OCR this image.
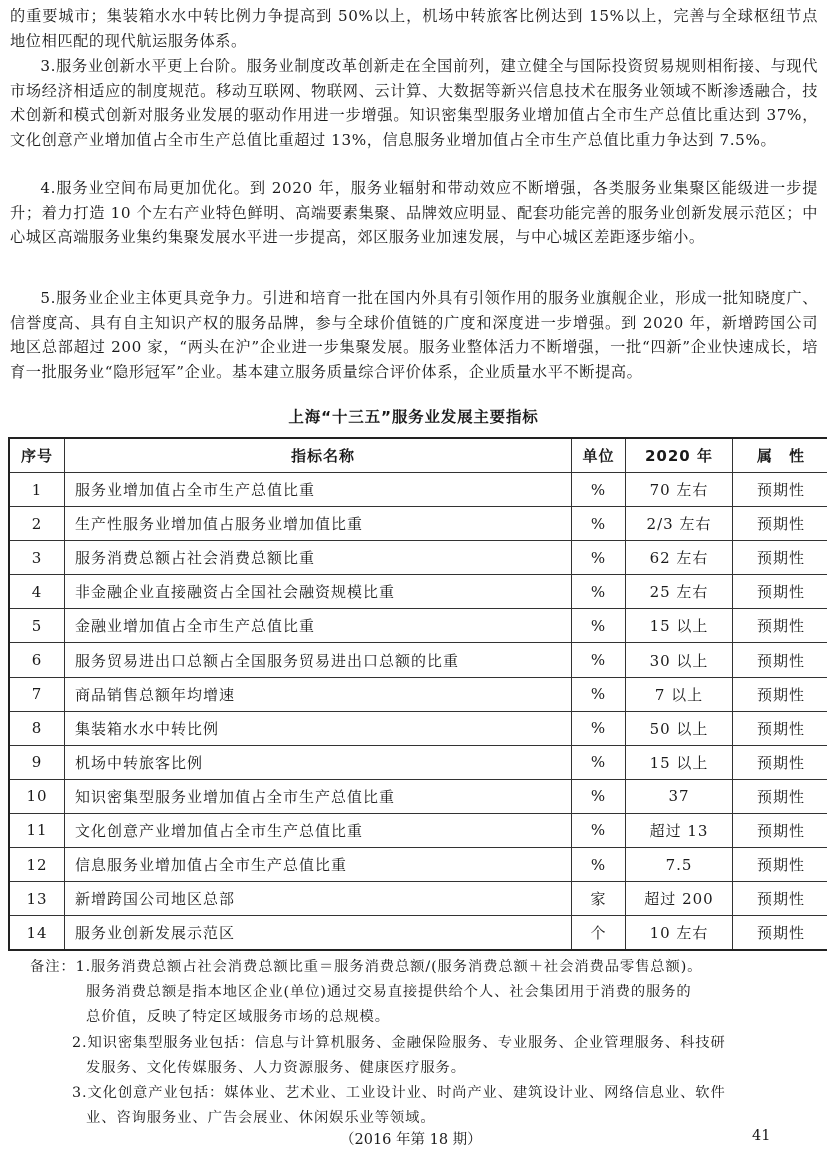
的重要城市；集装箱水水中转比例力争提高到 50%以上，机场中转旅客比例达到 15%以上，完善与全球枢纽节点地位相匹配的现代航运服务体系。

3.服务业创新水平更上台阶。服务业制度改革创新走在全国前列，建立健全与国际投资贸易规则相衔接、与现代市场经济相适应的制度规范。移动互联网、物联网、云计算、大数据等新兴信息技术在服务业领域不断渗透融合，技术创新和模式创新对服务业发展的驱动作用进一步增强。知识密集型服务业增加值占全市生产总值比重达到 37%，文化创意产业增加值占全市生产总值比重超过 13%，信息服务业增加值占全市生产总值比重力争达到 7.5%。

4.服务业空间布局更加优化。到 2020 年，服务业辐射和带动效应不断增强，各类服务业集聚区能级进一步提升；着力打造 10 个左右产业特色鲜明、高端要素集聚、品牌效应明显、配套功能完善的服务业创新发展示范区；中心城区高端服务业集约集聚发展水平进一步提高，郊区服务业加速发展，与中心城区差距逐步缩小。

5.服务业企业主体更具竞争力。引进和培育一批在国内外具有引领作用的服务业旗舰企业，形成一批知晓度广、信誉度高、具有自主知识产权的服务品牌，参与全球价值链的广度和深度进一步增强。到 2020 年，新增跨国公司地区总部超过 200 家，“两头在沪”企业进一步集聚发展。服务业整体活力不断增强，一批“四新”企业快速成长，培育一批服务业“隐形冠军”企业。基本建立服务质量综合评价体系，企业质量水平不断提高。

上海“十三五”服务业发展主要指标
序号	指标名称	单位	2020 年	属　性
1	服务业增加值占全市生产总值比重	%	70 左右	预期性
2	生产性服务业增加值占服务业增加值比重	%	2/3 左右	预期性
3	服务消费总额占社会消费总额比重	%	62 左右	预期性
4	非金融企业直接融资占全国社会融资规模比重	%	25 左右	预期性
5	金融业增加值占全市生产总值比重	%	15 以上	预期性
6	服务贸易进出口总额占全国服务贸易进出口总额的比重	%	30 以上	预期性
7	商品销售总额年均增速	%	7 以上	预期性
8	集装箱水水中转比例	%	50 以上	预期性
9	机场中转旅客比例	%	15 以上	预期性
10	知识密集型服务业增加值占全市生产总值比重	%	37	预期性
11	文化创意产业增加值占全市生产总值比重	%	超过 13	预期性
12	信息服务业增加值占全市生产总值比重	%	7.5	预期性
13	新增跨国公司地区总部	家	超过 200	预期性
14	服务业创新发展示范区	个	10 左右	预期性
备注：1.服务消费总额占社会消费总额比重＝服务消费总额/(服务消费总额＋社会消费品零售总额)。
服务消费总额是指本地区企业(单位)通过交易直接提供给个人、社会集团用于消费的服务的
总价值，反映了特定区域服务市场的总规模。
2.知识密集型服务业包括：信息与计算机服务、金融保险服务、专业服务、企业管理服务、科技研
发服务、文化传媒服务、人力资源服务、健康医疗服务。
3.文化创意产业包括：媒体业、艺术业、工业设计业、时尚产业、建筑设计业、网络信息业、软件
业、咨询服务业、广告会展业、休闲娱乐业等领域。
（2016 年第 18 期）	41
